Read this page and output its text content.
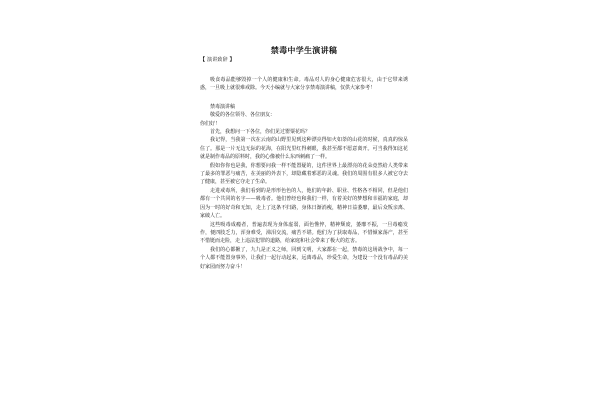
禁毒中学生演讲稿
【 演讲致辞 】

吸食毒品能够毁掉一个人的健康和生命。毒品对人的身心健康危害很大，由于它带来诱惑，一旦吸上就很难戒除。今天小编就与大家分享禁毒演讲稿，仅供大家参考！

禁毒演讲稿

敬爱的各位领导、各位朋友：

你们好！

首先，我想问一下各位，你们见过罂粟花吗？

我记得，当我第一次在云南的山野里见到这种漂亮得如火如荼的山花的时候，真真的惊呆住了。那是一片无边无际的花海，在阳光里红得刺眼，我甚至都不愿意离开。可当我得知这花就是制作毒品的原料时，我的心像被什么东西刺痛了一样。

假如你你也是我，你想要问我一样不能置疑的，这件世界上最漂亮的花朵竟然给人类带来了最多的罪恶与痛苦，在美丽的外表下，却隐藏着邪恶的灵魂。我们的周围有很多人被它夺去了健康，甚至被它夺走了生命。

走进戒毒所，我们看到的是形形色色的人，他们的年龄、职业、性格各不相同，但是他们都有一个共同的名字——吸毒者。他们曾经也和我们一样，有着美好的梦想和幸福的家庭，却因为一时的好奇和无知，走上了这条不归路，身体日渐消瘦，精神日益萎靡，最后众叛亲离、家破人亡。

这些吸毒成瘾者，普遍表现为身体虚弱，面色憔悴，精神颓废，萎靡不振，一旦毒瘾发作，便四肢乏力，浑身难受，涕泪交流，痛苦不堪。他们为了获取毒品，不惜倾家荡产，甚至不惜铤而走险，走上违法犯罪的道路，给家庭和社会带来了极大的危害。

我们的心都揪了，九九是正义之师，回到文明，大家都在一起，禁毒的这场战争中，每一个人都不能置身事外，让我们一起行动起来，远离毒品，珍爱生命，为建设一个没有毒品的美好家园而努力奋斗！
